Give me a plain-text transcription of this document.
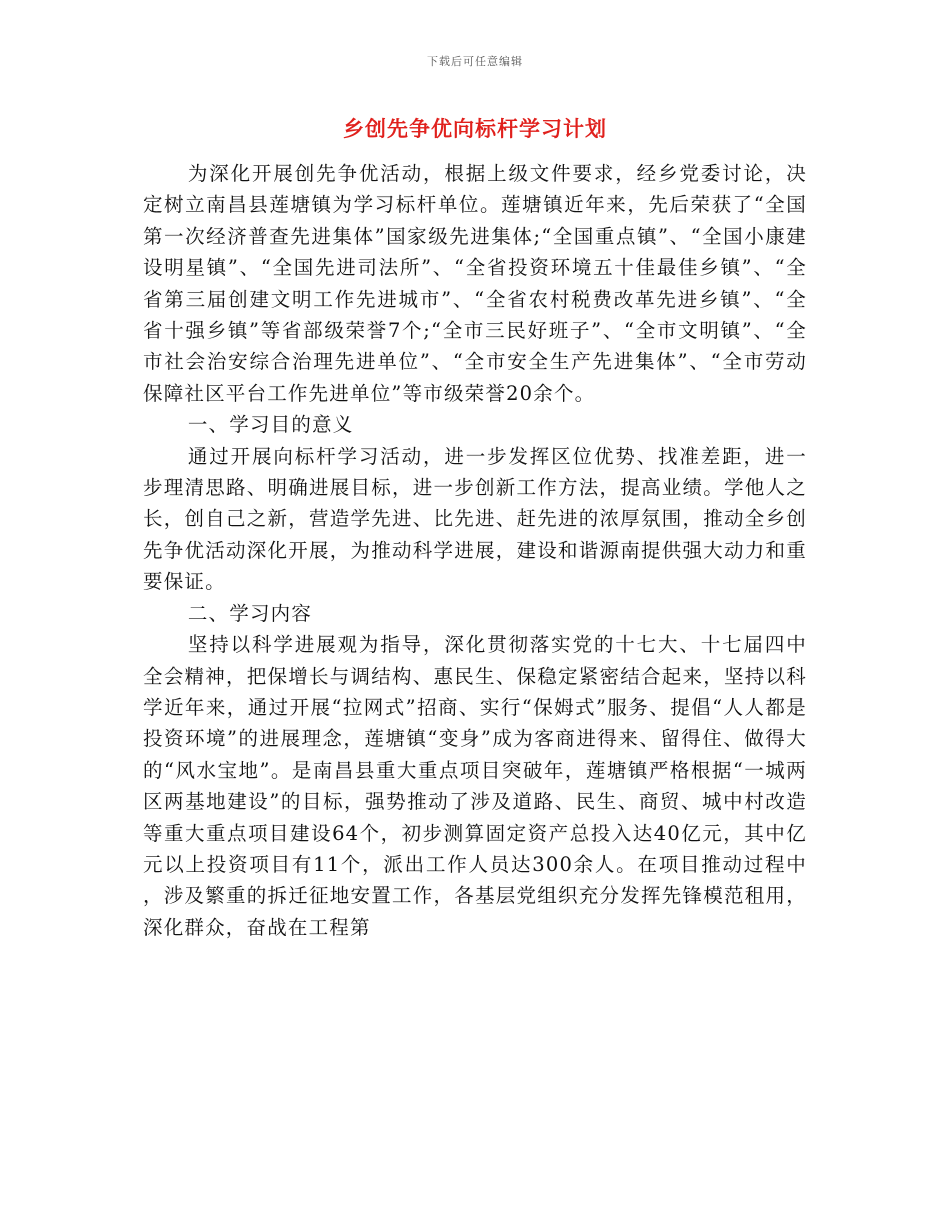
下载后可任意编辑
乡创先争优向标杆学习计划

为深化开展创先争优活动，根据上级文件要求，经乡党委讨论，决定树立南昌县莲塘镇为学习标杆单位。莲塘镇近年来，先后荣获了“全国第一次经济普查先进集体”国家级先进集体;“全国重点镇”、“全国小康建设明星镇”、“全国先进司法所”、“全省投资环境五十佳最佳乡镇”、“全省第三届创建文明工作先进城市”、“全省农村税费改革先进乡镇”、“全省十强乡镇”等省部级荣誉7个;“全市三民好班子”、“全市文明镇”、“全市社会治安综合治理先进单位”、“全市安全生产先进集体”、“全市劳动保障社区平台工作先进单位”等市级荣誉20余个。

一、学习目的意义

通过开展向标杆学习活动，进一步发挥区位优势、找准差距，进一步理清思路、明确进展目标，进一步创新工作方法，提高业绩。学他人之长，创自己之新，营造学先进、比先进、赶先进的浓厚氛围，推动全乡创先争优活动深化开展，为推动科学进展，建设和谐源南提供强大动力和重要保证。

二、学习内容

坚持以科学进展观为指导，深化贯彻落实党的十七大、十七届四中全会精神，把保增长与调结构、惠民生、保稳定紧密结合起来，坚持以科学近年来，通过开展“拉网式”招商、实行“保姆式”服务、提倡“人人都是投资环境”的进展理念，莲塘镇“变身”成为客商进得来、留得住、做得大的“风水宝地”。是南昌县重大重点项目突破年，莲塘镇严格根据“一城两区两基地建设”的目标，强势推动了涉及道路、民生、商贸、城中村改造等重大重点项目建设64个，初步测算固定资产总投入达40亿元，其中亿元以上投资项目有11个，派出工作人员达300余人。在项目推动过程中，涉及繁重的拆迁征地安置工作，各基层党组织充分发挥先锋模范租用，深化群众，奋战在工程第
